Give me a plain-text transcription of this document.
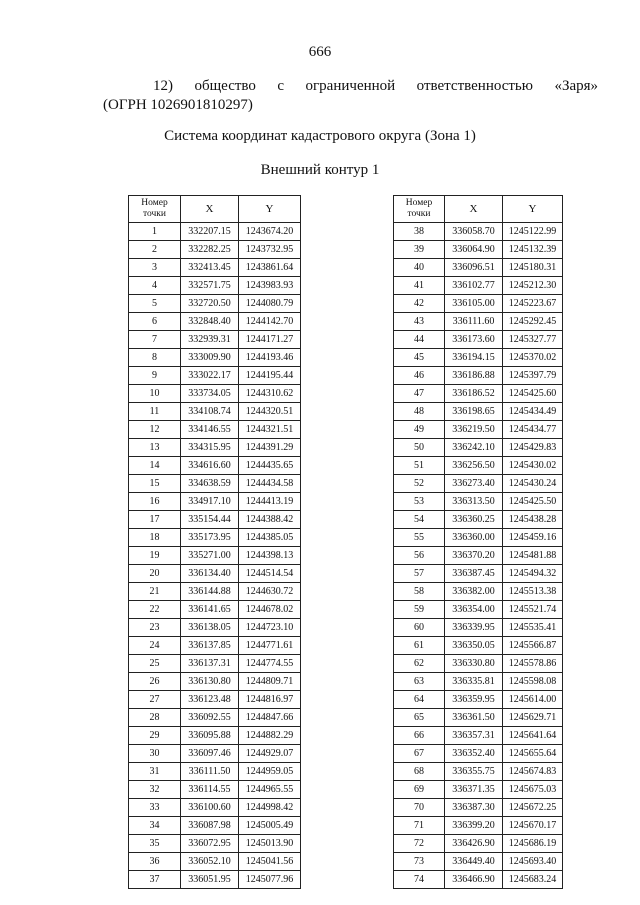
666
12) общество с ограниченной ответственностью «Заря»
(ОГРН 1026901810297)
Система координат кадастрового округа (Зона 1)
Внешний контур 1
Номер
точки	X	Y
1	332207.15	1243674.20
2	332282.25	1243732.95
3	332413.45	1243861.64
4	332571.75	1243983.93
5	332720.50	1244080.79
6	332848.40	1244142.70
7	332939.31	1244171.27
8	333009.90	1244193.46
9	333022.17	1244195.44
10	333734.05	1244310.62
11	334108.74	1244320.51
12	334146.55	1244321.51
13	334315.95	1244391.29
14	334616.60	1244435.65
15	334638.59	1244434.58
16	334917.10	1244413.19
17	335154.44	1244388.42
18	335173.95	1244385.05
19	335271.00	1244398.13
20	336134.40	1244514.54
21	336144.88	1244630.72
22	336141.65	1244678.02
23	336138.05	1244723.10
24	336137.85	1244771.61
25	336137.31	1244774.55
26	336130.80	1244809.71
27	336123.48	1244816.97
28	336092.55	1244847.66
29	336095.88	1244882.29
30	336097.46	1244929.07
31	336111.50	1244959.05
32	336114.55	1244965.55
33	336100.60	1244998.42
34	336087.98	1245005.49
35	336072.95	1245013.90
36	336052.10	1245041.56
37	336051.95	1245077.96
Номер
точки	X	Y
38	336058.70	1245122.99
39	336064.90	1245132.39
40	336096.51	1245180.31
41	336102.77	1245212.30
42	336105.00	1245223.67
43	336111.60	1245292.45
44	336173.60	1245327.77
45	336194.15	1245370.02
46	336186.88	1245397.79
47	336186.52	1245425.60
48	336198.65	1245434.49
49	336219.50	1245434.77
50	336242.10	1245429.83
51	336256.50	1245430.02
52	336273.40	1245430.24
53	336313.50	1245425.50
54	336360.25	1245438.28
55	336360.00	1245459.16
56	336370.20	1245481.88
57	336387.45	1245494.32
58	336382.00	1245513.38
59	336354.00	1245521.74
60	336339.95	1245535.41
61	336350.05	1245566.87
62	336330.80	1245578.86
63	336335.81	1245598.08
64	336359.95	1245614.00
65	336361.50	1245629.71
66	336357.31	1245641.64
67	336352.40	1245655.64
68	336355.75	1245674.83
69	336371.35	1245675.03
70	336387.30	1245672.25
71	336399.20	1245670.17
72	336426.90	1245686.19
73	336449.40	1245693.40
74	336466.90	1245683.24
